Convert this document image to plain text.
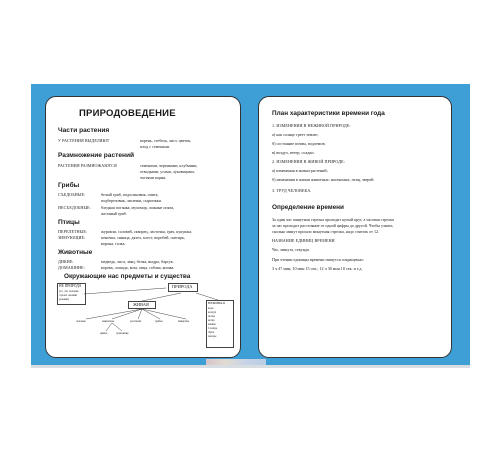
ПРИРОДОВЕДЕНИЕ

Части растения

У РАСТЕНИЯ ВЫДЕЛЯЮТ	корень, стебель, лист, цветок,

плод с семенами.

Размножение растений

РАСТЕНИЯ РАЗМНОЖАЮТСЯ	семенами, черенками, клубнями,

отводками, усами, луковицами,

частями корня.

Грибы

СЪЕДОБНЫЕ:	белый гриб, подосиновик, опята,

подберезовик, лисички, сыроежки.

НЕСЪЕДОБНЫЕ: бледная поганка, мухомор, ложные опята,

желчный гриб.

Птицы

ПЕРЕЛЕТНЫЕ:	журавли, соловей, скворец, ласточка, грач, кукушка.

ЗИМУЮЩИЕ:	пеночка, синица, дятел, клест, воробей, снегирь,

ворона, галка.

Животные

ДИКИЕ:	медведь, лиса, заяц, белка, выдра, барсук.

ДОМАШНИЕ:	корова, лошадь, коза, овца, собака, кошка.

Окружающие нас предметы и существа

НЕ ПРИРОДА

(то, что человек

сделал своими

руками)

ПРИРОДА

ЖИВАЯ	НЕЖИВАЯ

вода

воздух

почва

ветер

камни

Солнце

Луна

звезды

человек	животные	растения	грибы	микробы

дикие	домашние

План характеристики времени года

1. ИЗМЕНЕНИЯ В НЕЖИВОЙ ПРИРОДЕ:

а) как солнце греет землю;

б) состояние почвы, водоемов;

в) воздух, ветер, осадки.

2. ИЗМЕНЕНИЯ В ЖИВОЙ ПРИРОДЕ:

а) изменения в жизни растений;

б) изменения в жизни животных: насекомых, птиц, зверей.

3. ТРУД ЧЕЛОВЕКА.

Определение времени

За один час минутная стрелка проходит целый круг, а часовая стрелка

за час проходит расстояние от одной цифры до другой. Чтобы узнать,

сколько минут прошло минутная стрелка, надо считать от 12.

НАЗВАНИЕ ЕДИНИЦ ВРЕМЕНИ

Час, минута, секунда.

При чтении единицы времени пишутся сокращенно:

3 ч 47 мин; 10 мин 15 сек.; 12 ч 30 мин 10 сек. и т.д.
